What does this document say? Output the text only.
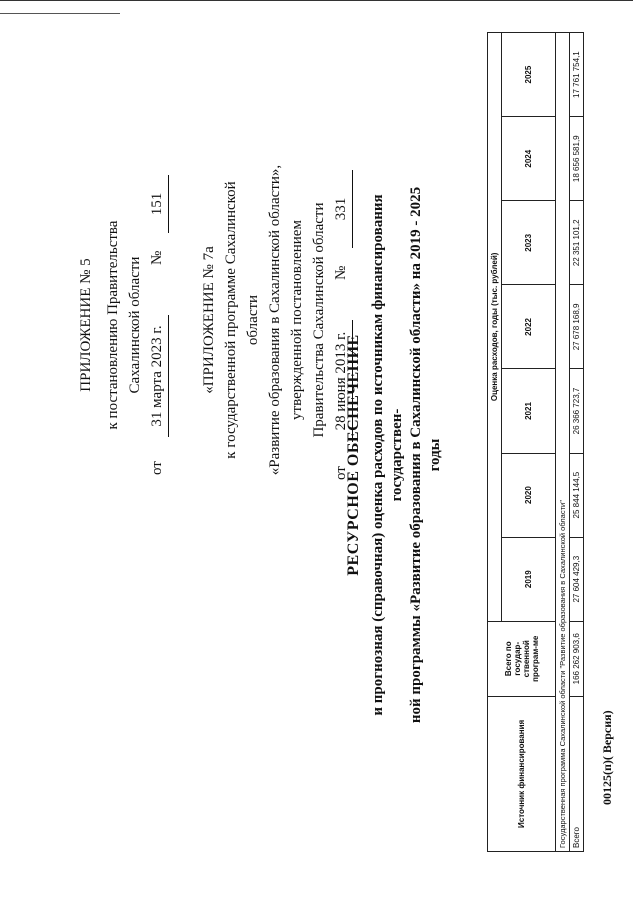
ПРИЛОЖЕНИЕ № 5 к постановлению Правительства Сахалинской области
от
31 марта 2023 г.
№
151
«ПРИЛОЖЕНИЕ № 7а к государственной программе Сахалинской области «Развитие образования в Сахалинской области», утвержденной постановлением Правительства Сахалинской области
от
28 июня 2013 г.
№
331
РЕСУРСНОЕ ОБЕСПЕЧЕНИЕ и прогнозная (справочная) оценка расходов по источникам финансирования государствен- ной программы «Развитие образования в Сахалинской области» на 2019 - 2025 годы
Источник финансирования	Всего по государ-ственной програм-ме	Оценка расходов, годы (тыс. рублей)						
		2019	2020	2021	2022	2023	2024	2025
Государственная программа Сахалинской области "Развитие образования в Сахалинской области"								
Всего	166 262 903,6	27 604 429,3	25 844 144,5	26 366 723,7	27 678 168,9	22 351 101,2	18 656 581,9	17 761 754,1
00125(п)( Версия)
